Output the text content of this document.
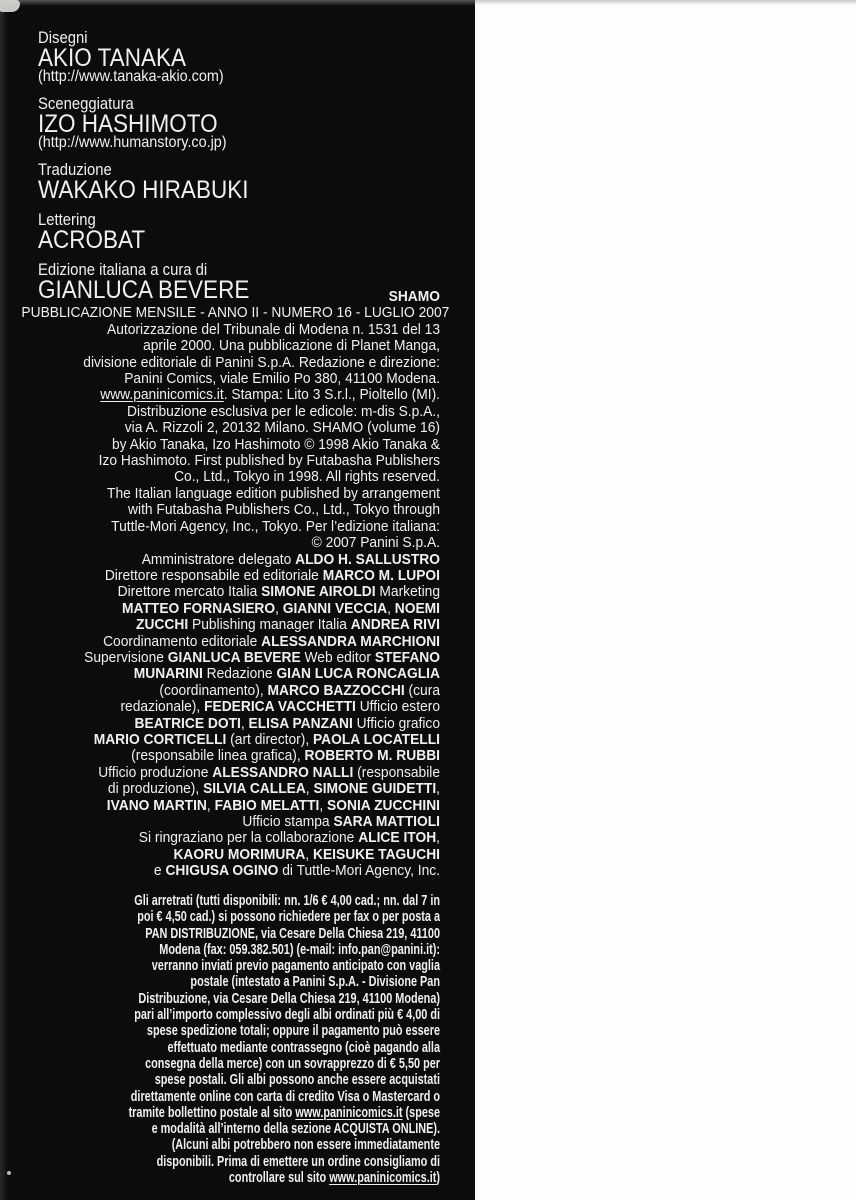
Disegni
AKIO TANAKA
(http://www.tanaka-akio.com)
Sceneggiatura
IZO HASHIMOTO
(http://www.humanstory.co.jp)
Traduzione
WAKAKO HIRABUKI
Lettering
ACROBAT
Edizione italiana a cura di
GIANLUCA BEVERE	SHAMO
PUBBLICAZIONE MENSILE - ANNO II - NUMERO 16 - LUGLIO 2007
Autorizzazione del Tribunale di Modena n. 1531 del 13
aprile 2000. Una pubblicazione di Planet Manga,
divisione editoriale di Panini S.p.A. Redazione e direzione:
Panini Comics, viale Emilio Po 380, 41100 Modena.
www.paninicomics.it. Stampa: Lito 3 S.r.l., Pioltello (MI).
Distribuzione esclusiva per le edicole: m-dis S.p.A.,
via A. Rizzoli 2, 20132 Milano. SHAMO (volume 16)
by Akio Tanaka, Izo Hashimoto © 1998 Akio Tanaka &
Izo Hashimoto. First published by Futabasha Publishers
Co., Ltd., Tokyo in 1998. All rights reserved.
The Italian language edition published by arrangement
with Futabasha Publishers Co., Ltd., Tokyo through
Tuttle-Mori Agency, Inc., Tokyo. Per l’edizione italiana:
© 2007 Panini S.p.A.
Amministratore delegato ALDO H. SALLUSTRO
Direttore responsabile ed editoriale MARCO M. LUPOI
Direttore mercato Italia SIMONE AIROLDI Marketing
MATTEO FORNASIERO, GIANNI VECCIA, NOEMI
ZUCCHI Publishing manager Italia ANDREA RIVI
Coordinamento editoriale ALESSANDRA MARCHIONI
Supervisione GIANLUCA BEVERE Web editor STEFANO
MUNARINI Redazione GIAN LUCA RONCAGLIA
(coordinamento), MARCO BAZZOCCHI (cura
redazionale), FEDERICA VACCHETTI Ufficio estero
BEATRICE DOTI, ELISA PANZANI Ufficio grafico
MARIO CORTICELLI (art director), PAOLA LOCATELLI
(responsabile linea grafica), ROBERTO M. RUBBI
Ufficio produzione ALESSANDRO NALLI (responsabile
di produzione), SILVIA CALLEA, SIMONE GUIDETTI,
IVANO MARTIN, FABIO MELATTI, SONIA ZUCCHINI
Ufficio stampa SARA MATTIOLI
Si ringraziano per la collaborazione ALICE ITOH,
KAORU MORIMURA, KEISUKE TAGUCHI
e CHIGUSA OGINO di Tuttle-Mori Agency, Inc.
Gli arretrati (tutti disponibili: nn. 1/6 € 4,00 cad.; nn. dal 7 in
poi € 4,50 cad.) si possono richiedere per fax o per posta a
PAN DISTRIBUZIONE, via Cesare Della Chiesa 219, 41100
Modena (fax: 059.382.501) (e-mail: info.pan@panini.it):
verranno inviati previo pagamento anticipato con vaglia
postale (intestato a Panini S.p.A. - Divisione Pan
Distribuzione, via Cesare Della Chiesa 219, 41100 Modena)
pari all’importo complessivo degli albi ordinati più € 4,00 di
spese spedizione totali; oppure il pagamento può essere
effettuato mediante contrassegno (cioè pagando alla
consegna della merce) con un sovrapprezzo di € 5,50 per
spese postali. Gli albi possono anche essere acquistati
direttamente online con carta di credito Visa o Mastercard o
tramite bollettino postale al sito www.paninicomics.it (spese
e modalità all’interno della sezione ACQUISTA ONLINE).
(Alcuni albi potrebbero non essere immediatamente
disponibili. Prima di emettere un ordine consigliamo di
controllare sul sito www.paninicomics.it)
